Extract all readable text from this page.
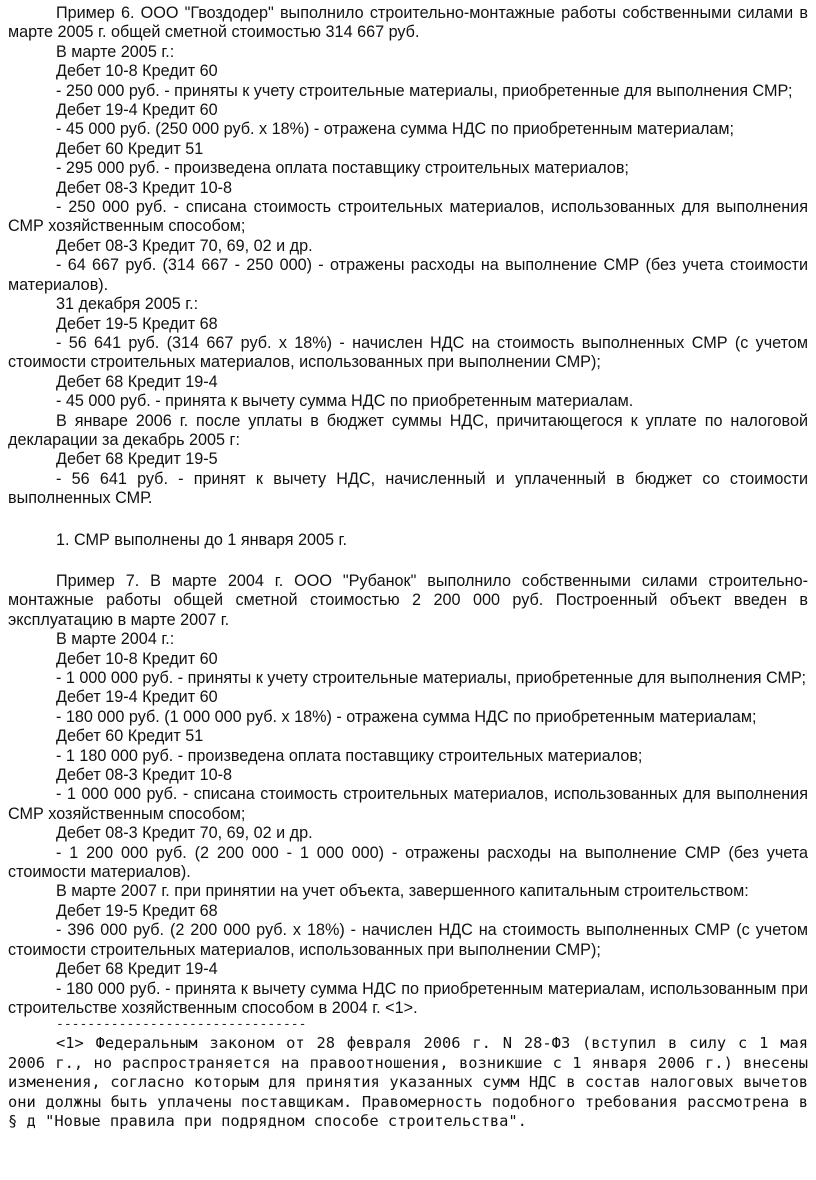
Пример 6. ООО "Гвоздодер" выполнило строительно-монтажные работы собственными силами в марте 2005 г. общей сметной стоимостью 314 667 руб.

В марте 2005 г.:

Дебет 10-8 Кредит 60

- 250 000 руб. - приняты к учету строительные материалы, приобретенные для выполнения СМР;

Дебет 19-4 Кредит 60

- 45 000 руб. (250 000 руб. x 18%) - отражена сумма НДС по приобретенным материалам;

Дебет 60 Кредит 51

- 295 000 руб. - произведена оплата поставщику строительных материалов;

Дебет 08-3 Кредит 10-8

- 250 000 руб. - списана стоимость строительных материалов, использованных для выполнения СМР хозяйственным способом;

Дебет 08-3 Кредит 70, 69, 02 и др.

- 64 667 руб. (314 667 - 250 000) - отражены расходы на выполнение СМР (без учета стоимости материалов).

31 декабря 2005 г.:

Дебет 19-5 Кредит 68

- 56 641 руб. (314 667 руб. x 18%) - начислен НДС на стоимость выполненных СМР (с учетом стоимости строительных материалов, использованных при выполнении СМР);

Дебет 68 Кредит 19-4

- 45 000 руб. - принята к вычету сумма НДС по приобретенным материалам.

В январе 2006 г. после уплаты в бюджет суммы НДС, причитающегося к уплате по налоговой декларации за декабрь 2005 г:

Дебет 68 Кредит 19-5

- 56 641 руб. - принят к вычету НДС, начисленный и уплаченный в бюджет со стоимости выполненных СМР.

1. СМР выполнены до 1 января 2005 г.

Пример 7. В марте 2004 г. ООО "Рубанок" выполнило собственными силами строительно-монтажные работы общей сметной стоимостью 2 200 000 руб. Построенный объект введен в эксплуатацию в марте 2007 г.

В марте 2004 г.:

Дебет 10-8 Кредит 60

- 1 000 000 руб. - приняты к учету строительные материалы, приобретенные для выполнения СМР;

Дебет 19-4 Кредит 60

- 180 000 руб. (1 000 000 руб. x 18%) - отражена сумма НДС по приобретенным материалам;

Дебет 60 Кредит 51

- 1 180 000 руб. - произведена оплата поставщику строительных материалов;

Дебет 08-3 Кредит 10-8

- 1 000 000 руб. - списана стоимость строительных материалов, использованных для выполнения СМР хозяйственным способом;

Дебет 08-3 Кредит 70, 69, 02 и др.

- 1 200 000 руб. (2 200 000 - 1 000 000) - отражены расходы на выполнение СМР (без учета стоимости материалов).

В марте 2007 г. при принятии на учет объекта, завершенного капитальным строительством:

Дебет 19-5 Кредит 68

- 396 000 руб. (2 200 000 руб. x 18%) - начислен НДС на стоимость выполненных СМР (с учетом стоимости строительных материалов, использованных при выполнении СМР);

Дебет 68 Кредит 19-4

- 180 000 руб. - принята к вычету сумма НДС по приобретенным материалам, использованным при строительстве хозяйственным способом в 2004 г. <1>.

--------------------------------

<1> Федеральным законом от 28 февраля 2006 г. N 28-ФЗ (вступил в силу с 1 мая 2006 г., но распространяется на правоотношения, возникшие с 1 января 2006 г.) внесены изменения, согласно которым для принятия указанных сумм НДС в состав налоговых вычетов они должны быть уплачены поставщикам. Правомерность подобного требования рассмотрена в § д "Новые правила при подрядном способе строительства".
